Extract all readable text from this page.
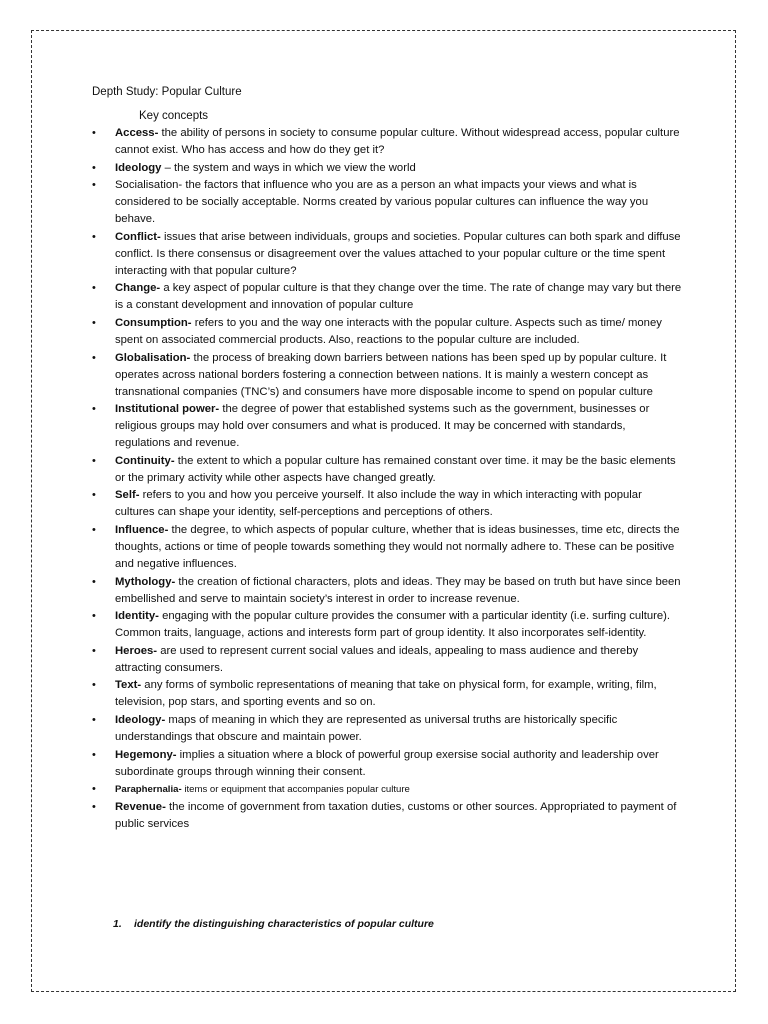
Depth Study: Popular Culture
Key concepts
• Access- the ability of persons in society to consume popular culture. Without widespread access, popular culture cannot exist. Who has access and how do they get it?
• Ideology – the system and ways in which we view the world
• Socialisation- the factors that influence who you are as a person an what impacts your views and what is considered to be socially acceptable. Norms created by various popular cultures can influence the way you behave.
• Conflict- issues that arise between individuals, groups and societies. Popular cultures can both spark and diffuse conflict. Is there consensus or disagreement over the values attached to your popular culture or the time spent interacting with that popular culture?
• Change- a key aspect of popular culture is that they change over the time. The rate of change may vary but there is a constant development and innovation of popular culture
• Consumption- refers to you and the way one interacts with the popular culture. Aspects such as time/ money spent on associated commercial products. Also, reactions to the popular culture are included.
• Globalisation- the process of breaking down barriers between nations has been sped up by popular culture. It operates across national borders fostering a connection between nations. It is mainly a western concept as transnational companies (TNC’s) and consumers have more disposable income to spend on popular culture
• Institutional power- the degree of power that established systems such as the government, businesses or religious groups may hold over consumers and what is produced. It may be concerned with standards, regulations and revenue.
• Continuity- the extent to which a popular culture has remained constant over time. it may be the basic elements or the primary activity while other aspects have changed greatly.
• Self- refers to you and how you perceive yourself. It also include the way in which interacting with popular cultures can shape your identity, self-perceptions and perceptions of others.
• Influence- the degree, to which aspects of popular culture, whether that is ideas businesses, time etc, directs the thoughts, actions or time of people towards something they would not normally adhere to. These can be positive and negative influences.
• Mythology- the creation of fictional characters, plots and ideas. They may be based on truth but have since been embellished and serve to maintain society’s interest in order to increase revenue.
• Identity- engaging with the popular culture provides the consumer with a particular identity (i.e. surfing culture). Common traits, language, actions and interests form part of group identity. It also incorporates self-identity.
• Heroes- are used to represent current social values and ideals, appealing to mass audience and thereby attracting consumers.
• Text- any forms of symbolic representations of meaning that take on physical form, for example, writing, film, television, pop stars, and sporting events and so on.
• Ideology- maps of meaning in which they are represented as universal truths are historically specific understandings that obscure and maintain power.
• Hegemony- implies a situation where a block of powerful group exersise social authority and leadership over subordinate groups through winning their consent.
• Paraphernalia- items or equipment that accompanies popular culture
• Revenue- the income of government from taxation duties, customs or other sources. Appropriated to payment of public services
1. identify the distinguishing characteristics of popular culture
